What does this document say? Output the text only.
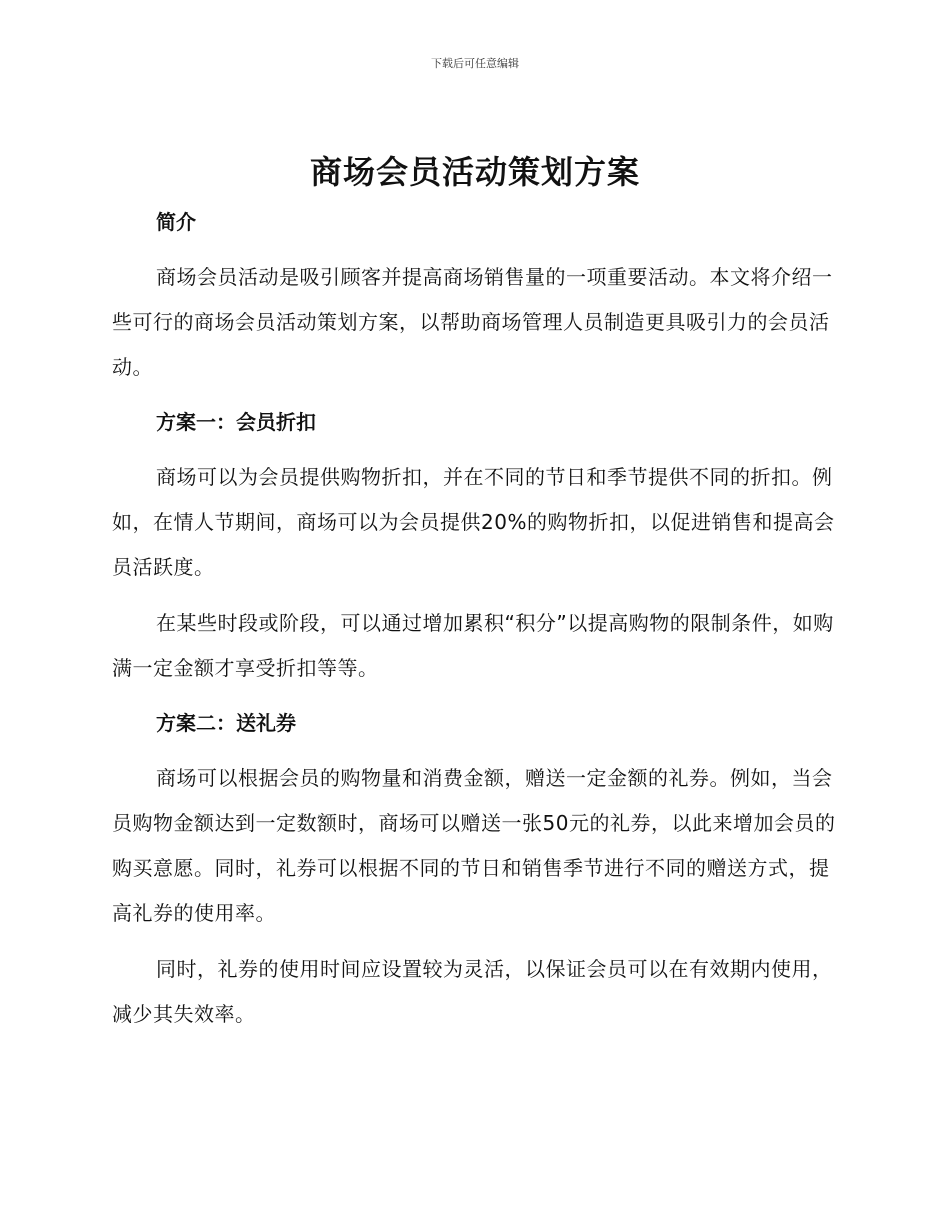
下载后可任意编辑
商场会员活动策划方案
简介

商场会员活动是吸引顾客并提高商场销售量的一项重要活动。本文将介绍一些可行的商场会员活动策划方案，以帮助商场管理人员制造更具吸引力的会员活动。

方案一：会员折扣

商场可以为会员提供购物折扣，并在不同的节日和季节提供不同的折扣。例如，在情人节期间，商场可以为会员提供20%的购物折扣，以促进销售和提高会员活跃度。

在某些时段或阶段，可以通过增加累积“积分”以提高购物的限制条件，如购满一定金额才享受折扣等等。

方案二：送礼券

商场可以根据会员的购物量和消费金额，赠送一定金额的礼券。例如，当会员购物金额达到一定数额时，商场可以赠送一张50元的礼券，以此来增加会员的购买意愿。同时，礼券可以根据不同的节日和销售季节进行不同的赠送方式，提高礼券的使用率。

同时，礼券的使用时间应设置较为灵活，以保证会员可以在有效期内使用，减少其失效率。
